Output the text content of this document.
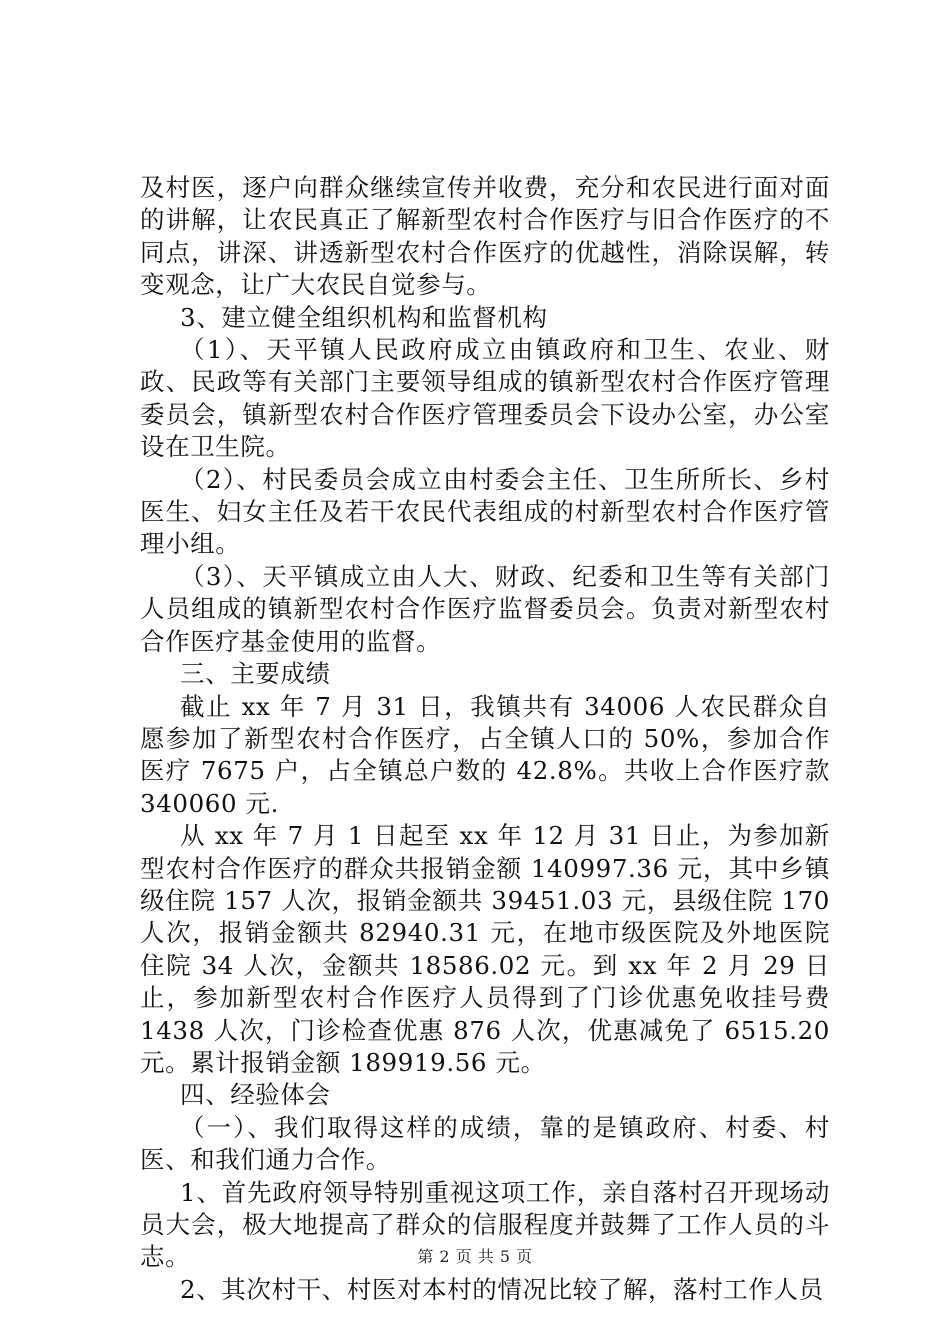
及村医，逐户向群众继续宣传并收费，充分和农民进行面对面的讲解，让农民真正了解新型农村合作医疗与旧合作医疗的不同点，讲深、讲透新型农村合作医疗的优越性，消除误解，转变观念，让广大农民自觉参与。

3、建立健全组织机构和监督机构

（1）、天平镇人民政府成立由镇政府和卫生、农业、财政、民政等有关部门主要领导组成的镇新型农村合作医疗管理委员会，镇新型农村合作医疗管理委员会下设办公室，办公室设在卫生院。

（2）、村民委员会成立由村委会主任、卫生所所长、乡村医生、妇女主任及若干农民代表组成的村新型农村合作医疗管理小组。

（3）、天平镇成立由人大、财政、纪委和卫生等有关部门人员组成的镇新型农村合作医疗监督委员会。负责对新型农村合作医疗基金使用的监督。

三、主要成绩

截止 xx 年 7 月 31 日，我镇共有 34006 人农民群众自愿参加了新型农村合作医疗，占全镇人口的 50%，参加合作医疗 7675 户，占全镇总户数的 42.8%。共收上合作医疗款 340060 元.

从 xx 年 7 月 1 日起至 xx 年 12 月 31 日止，为参加新型农村合作医疗的群众共报销金额 140997.36 元，其中乡镇级住院 157 人次，报销金额共 39451.03 元，县级住院 170 人次，报销金额共 82940.31 元，在地市级医院及外地医院住院 34 人次，金额共 18586.02 元。到 xx 年 2 月 29 日止，参加新型农村合作医疗人员得到了门诊优惠免收挂号费 1438 人次，门诊检查优惠 876 人次，优惠减免了 6515.20 元。累计报销金额 189919.56 元。

四、经验体会

（一）、我们取得这样的成绩，靠的是镇政府、村委、村医、和我们通力合作。

1、首先政府领导特别重视这项工作，亲自落村召开现场动员大会，极大地提高了群众的信服程度并鼓舞了工作人员的斗志。

2、其次村干、村医对本村的情况比较了解，落村工作人员

第 2 页 共 5 页
